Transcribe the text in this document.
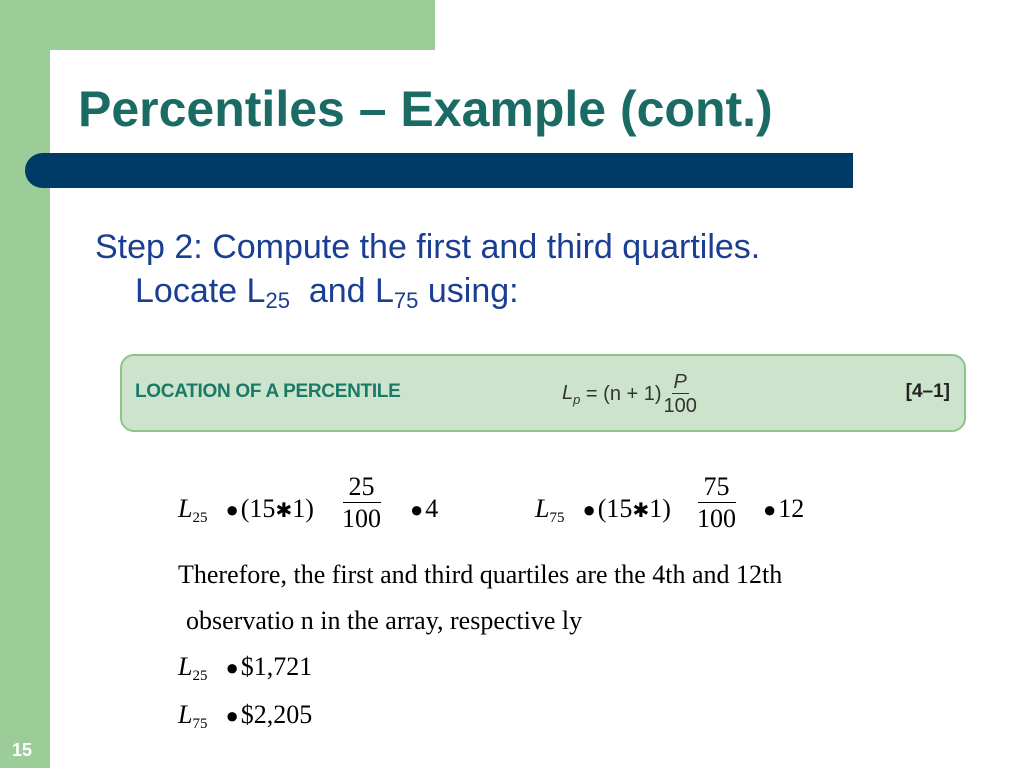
Percentiles – Example (cont.)
Step 2: Compute the first and third quartiles.
Locate $L_{25}$  and $L_{75}$ using:
LOCATION OF A PERCENTILE	$L_p = (n + 1) \frac{P}{100}$	[4–1]
$L_{25}$ ●(15✱1) $\frac{25}{100}$	●4	$L_{75}$ ●(15✱1) $\frac{75}{100}$	●12
Therefore, the first and third quartiles are the 4th and 12th
observatio n in the array, respective ly
$L_{25}$ ●$1,721
$L_{75}$ ●$2,205
15
